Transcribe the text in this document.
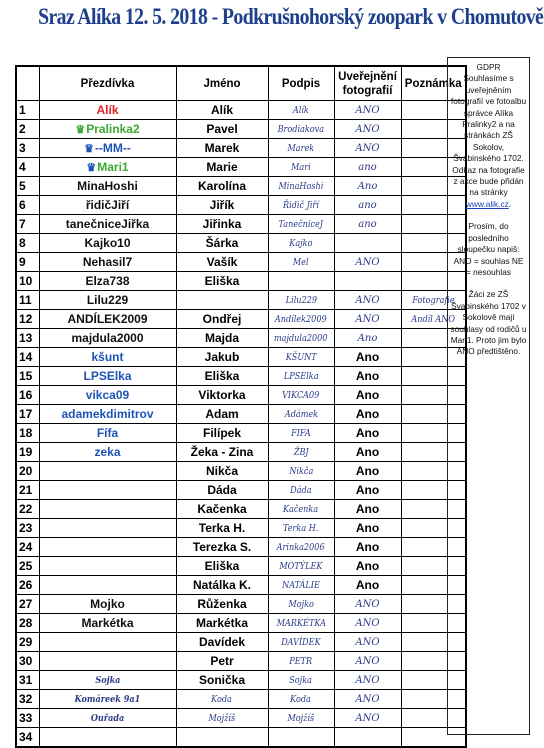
Sraz Alíka 12. 5. 2018 - Podkrušnohorský zoopark v Chomutově
	Přezdívka	Jméno	Podpis	Uveřejnění fotografií	Poznámka
1	Alík	Alík	Alík	ANO	
2	♛Pralinka2	Pavel	Brodiakova	ANO	
3	♛--MM--	Marek	Marek	ANO	
4	♛Mari1	Marie	Mari	ano	
5	MinaHoshi	Karolína	MinaHoshi	Ano	
6	řidičJiří	Jiřík	Řidič Jiří	ano	
7	tanečniceJiřka	Jiřinka	TanečniceJ	ano	
8	Kajko10	Šárka	Kajko		
9	Nehasil7	Vašík	Mel	ANO	
10	Elza738	Eliška			
11	Lilu229		Lilu229	ANO	Fotografie
12	ANDÍLEK2009	Ondřej	Andílek2009	ANO	Andíl ANO
13	majdula2000	Majda	majdula2000	Ano	
14	kšunt	Jakub	KŠUNT	Ano	
15	LPSElka	Eliška	LPSElka	Ano	
16	vikca09	Viktorka	VIKCA09	Ano	
17	adamekdimitrov	Adam	Adámek	Ano	
18	Fífa	Filípek	FIFA	Ano	
19	zeka	Žeka - Zina	ŽBJ	Ano	
20		Nikča	Nikča	Ano	
21		Dáda	Dáda	Ano	
22		Kačenka	Kačenka	Ano	
23		Terka H.	Terka H.	Ano	
24		Terezka S.	Arinka2006	Ano	
25		Eliška	MOTÝLEK	Ano	
26		Natálka K.	NATÁLIE	Ano	
27	Mojko	Růženka	Mojko	ANO	
28	Markétka	Markétka	MARKÉTKA	ANO	
29		Davídek	DAVÍDEK	ANO	
30		Petr	PETR	ANO	
31	Sojka	Sonička	Sojka	ANO	
32	Komáreek 9a1	Koda	Koda	ANO	
33	Ouřada	Mojžíš	Mojžíš	ANO	
34					

GDPR
Souhlasíme s uveřejněním fotografií ve fotoalbu správce Alíka Pralinky2 a na stránkách ZŠ Sokolov, Švabinského 1702. Odkaz na fotografie z akce bude přidán na stránky www.alik.cz.

Prosím, do posledního sloupečku napiš: ANO = souhlas NE = nesouhlas

Žáci ze ZŠ Švabinského 1702 v Sokolově mají souhlasy od rodičů u Mari1. Proto jim bylo ANO předtištěno.
